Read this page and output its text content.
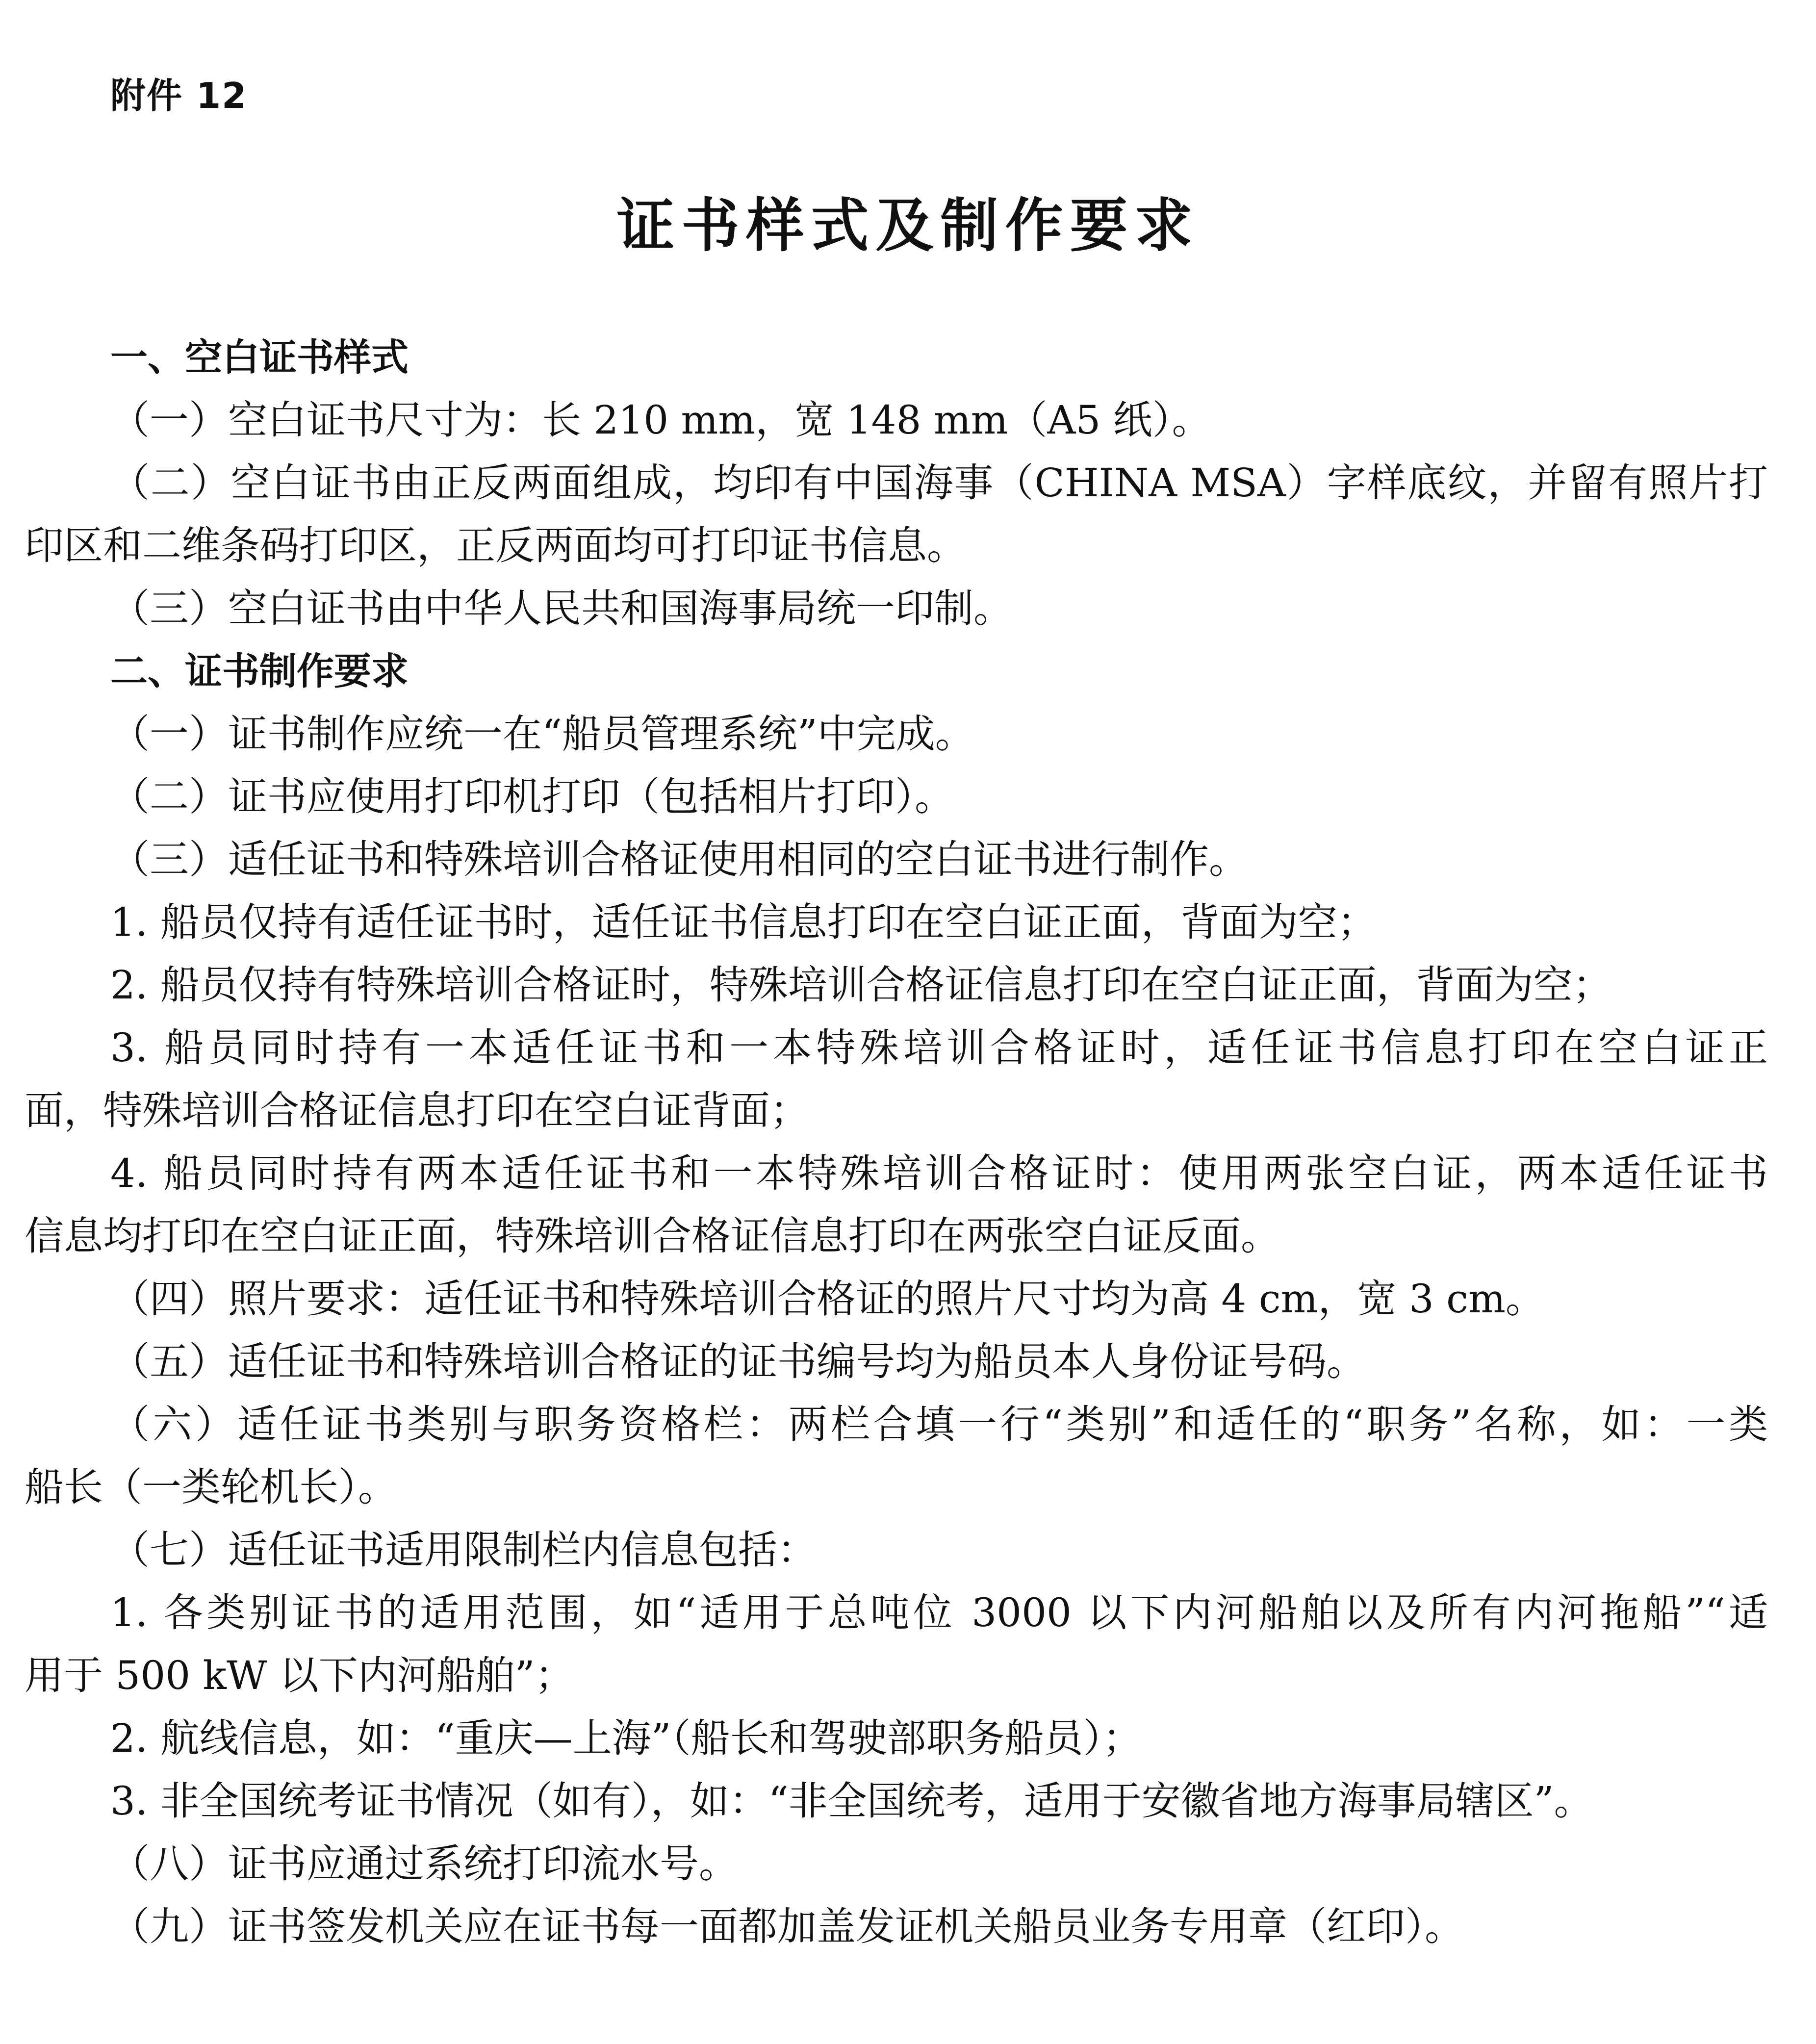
附件 12
证书样式及制作要求
一、空白证书样式
（一）空白证书尺寸为：长 210 mm，宽 148 mm（A5 纸）。
（二）空白证书由正反两面组成，均印有中国海事（CHINA MSA）字样底纹，并留有照片打
印区和二维条码打印区，正反两面均可打印证书信息。
（三）空白证书由中华人民共和国海事局统一印制。
二、证书制作要求
（一）证书制作应统一在“船员管理系统”中完成。
（二）证书应使用打印机打印（包括相片打印）。
（三）适任证书和特殊培训合格证使用相同的空白证书进行制作。
1. 船员仅持有适任证书时，适任证书信息打印在空白证正面，背面为空；
2. 船员仅持有特殊培训合格证时，特殊培训合格证信息打印在空白证正面，背面为空；
3. 船员同时持有一本适任证书和一本特殊培训合格证时，适任证书信息打印在空白证正
面，特殊培训合格证信息打印在空白证背面；
4. 船员同时持有两本适任证书和一本特殊培训合格证时：使用两张空白证，两本适任证书
信息均打印在空白证正面，特殊培训合格证信息打印在两张空白证反面。
（四）照片要求：适任证书和特殊培训合格证的照片尺寸均为高 4 cm，宽 3 cm。
（五）适任证书和特殊培训合格证的证书编号均为船员本人身份证号码。
（六）适任证书类别与职务资格栏：两栏合填一行“类别”和适任的“职务”名称，如：一类
船长（一类轮机长）。
（七）适任证书适用限制栏内信息包括：
1. 各类别证书的适用范围，如“适用于总吨位 3000 以下内河船舶以及所有内河拖船”“适
用于 500 kW 以下内河船舶”；
2. 航线信息，如：“重庆—上海”（船长和驾驶部职务船员）；
3. 非全国统考证书情况（如有），如：“非全国统考，适用于安徽省地方海事局辖区”。
（八）证书应通过系统打印流水号。
（九）证书签发机关应在证书每一面都加盖发证机关船员业务专用章（红印）。
